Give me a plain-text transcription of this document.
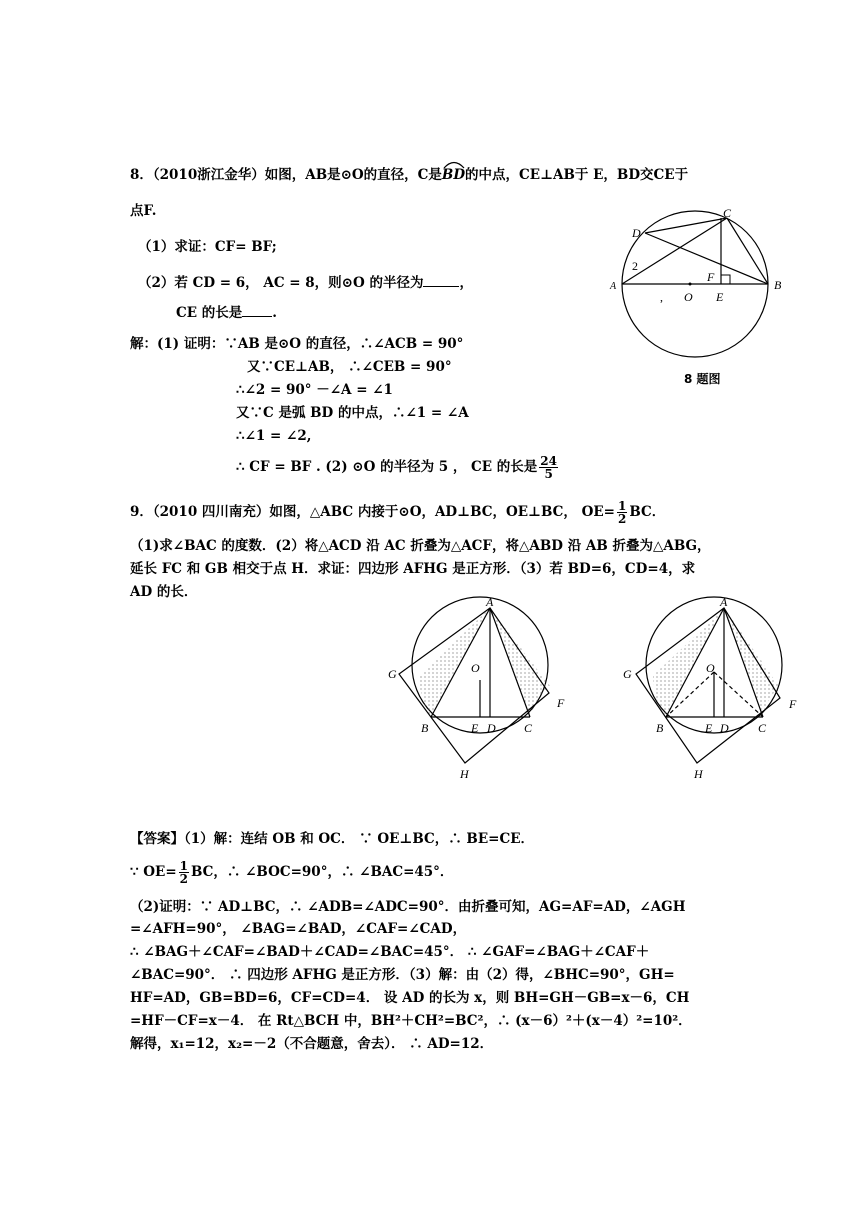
8．（2010浙江金华）如图，AB是⊙O的直径，C是
BD的中点，CE⊥AB于 E，BD交CE于
点F.
（1）求证：CF= BF;
（2）若 CD = 6， AC = 8，则⊙O 的半径为	，
CE 的长是 .
解：(1) 证明：∵AB 是⊙O 的直径，∴∠ACB = 90°
又∵CE⊥AB， ∴∠CEB = 90°
∴∠2 = 90° －∠A = ∠1
又∵C 是弧 BD 的中点，∴∠1 = ∠A
∴∠1 = ∠2,
∴ CF = BF . (2) ⊙O 的半径为 5 ， CE 的长是 $\frac{24}{5}$
A	B
C
D
E
F
O
2
,
8 题图
9．（2010 四川南充）如图，△ABC 内接于⊙O，AD⊥BC，OE⊥BC， $OE= \frac{1}{2}$ BC．
（1)求∠BAC 的度数．(2）将△ACD 沿 AC 折叠为△ACF，将△ABD 沿 AB 折叠为△ABG，
延长 FC 和 GB 相交于点 H．求证：四边形 AFHG 是正方形．（3）若 BD=6，CD=4，求
AD 的长．
A
B	C
D
E
F
G
H
O
A
B	C
D
E
F
G
H
O
【答案】（1）解：连结 OB 和 OC． ∵ OE⊥BC，∴ BE=CE．
∵ $OE= \frac{1}{2}$ BC，∴ ∠BOC=90°，∴ ∠BAC=45°．
（2)证明：∵ AD⊥BC，∴ ∠ADB=∠ADC=90°．由折叠可知，AG=AF=AD，∠AGH
=∠AFH=90°， ∠BAG=∠BAD，∠CAF=∠CAD，
∴ ∠BAG＋∠CAF=∠BAD＋∠CAD=∠BAC=45°． ∴ ∠GAF=∠BAG＋∠CAF＋
∠BAC=90°． ∴ 四边形 AFHG 是正方形．（3）解：由（2）得，∠BHC=90°，GH=
HF=AD，GB=BD=6，CF=CD=4． 设 AD 的长为 x，则 BH=GH－GB=x－6，CH
=HF－CF=x－4． 在 Rt△BCH 中，BH²＋CH²=BC²，∴ (x－6）²＋(x－4）²=10²．
解得，x₁=12，x₂=－2（不合题意，舍去）． ∴ AD=12．
